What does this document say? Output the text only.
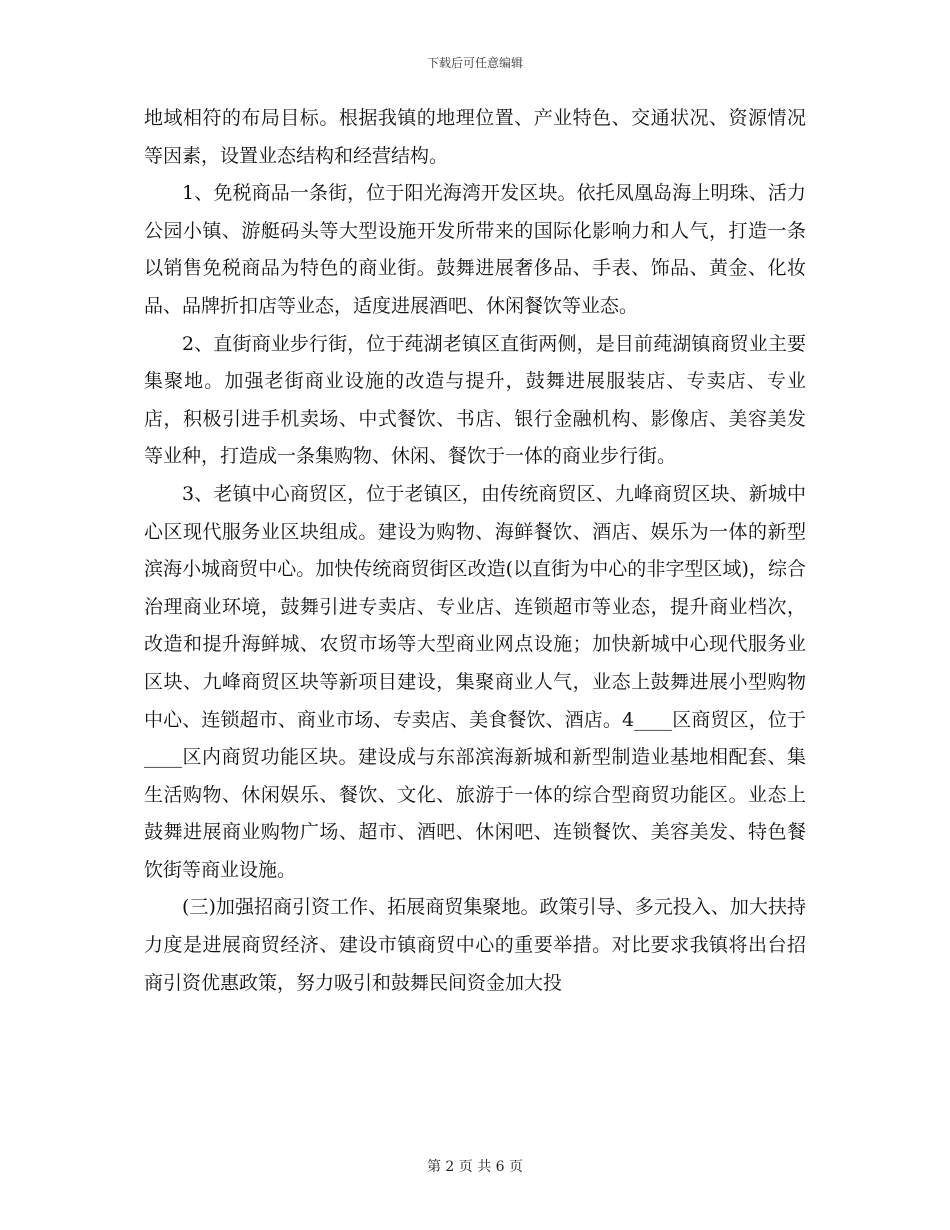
下载后可任意编辑

地域相符的布局目标。根据我镇的地理位置、产业特色、交通状况、资源情况等因素，设置业态结构和经营结构。

1、免税商品一条街，位于阳光海湾开发区块。依托凤凰岛海上明珠、活力公园小镇、游艇码头等大型设施开发所带来的国际化影响力和人气，打造一条以销售免税商品为特色的商业街。鼓舞进展奢侈品、手表、饰品、黄金、化妆品、品牌折扣店等业态，适度进展酒吧、休闲餐饮等业态。

2、直街商业步行街，位于莼湖老镇区直街两侧，是目前莼湖镇商贸业主要集聚地。加强老街商业设施的改造与提升，鼓舞进展服装店、专卖店、专业店，积极引进手机卖场、中式餐饮、书店、银行金融机构、影像店、美容美发等业种，打造成一条集购物、休闲、餐饮于一体的商业步行街。

3、老镇中心商贸区，位于老镇区，由传统商贸区、九峰商贸区块、新城中心区现代服务业区块组成。建设为购物、海鲜餐饮、酒店、娱乐为一体的新型滨海小城商贸中心。加快传统商贸街区改造(以直街为中心的非字型区域)，综合治理商业环境，鼓舞引进专卖店、专业店、连锁超市等业态，提升商业档次，改造和提升海鲜城、农贸市场等大型商业网点设施；加快新城中心现代服务业区块、九峰商贸区块等新项目建设，集聚商业人气，业态上鼓舞进展小型购物中心、连锁超市、商业市场、专卖店、美食餐饮、酒店。4____区商贸区，位于____区内商贸功能区块。建设成与东部滨海新城和新型制造业基地相配套、集生活购物、休闲娱乐、餐饮、文化、旅游于一体的综合型商贸功能区。业态上鼓舞进展商业购物广场、超市、酒吧、休闲吧、连锁餐饮、美容美发、特色餐饮街等商业设施。

(三)加强招商引资工作、拓展商贸集聚地。政策引导、多元投入、加大扶持力度是进展商贸经济、建设市镇商贸中心的重要举措。对比要求我镇将出台招商引资优惠政策，努力吸引和鼓舞民间资金加大投

第 2 页 共 6 页
